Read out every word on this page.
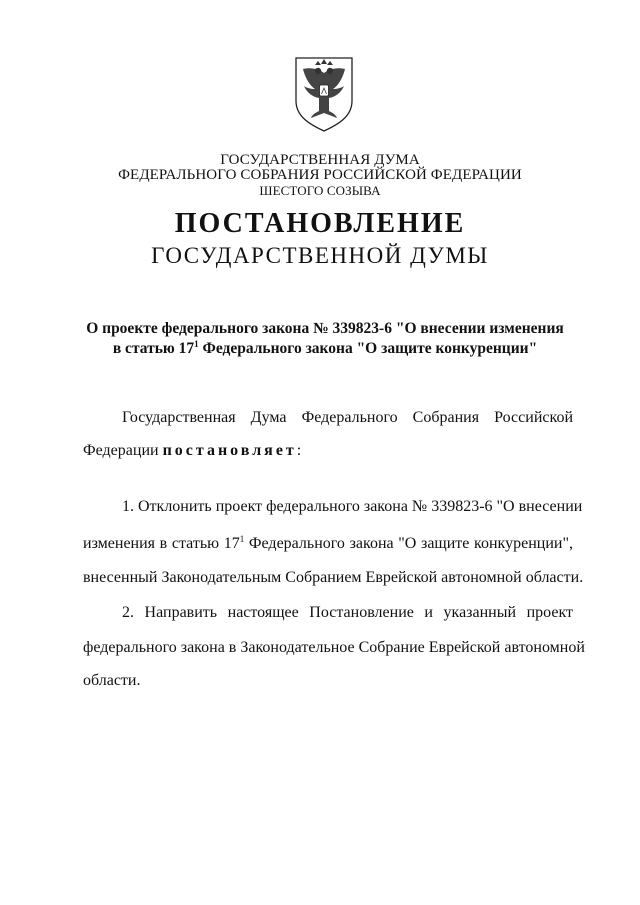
ГОСУДАРСТВЕННАЯ ДУМА
ФЕДЕРАЛЬНОГО СОБРАНИЯ РОССИЙСКОЙ ФЕДЕРАЦИИ
ШЕСТОГО СОЗЫВА
ПОСТАНОВЛЕНИЕ
ГОСУДАРСТВЕННОЙ ДУМЫ
О проекте федерального закона № 339823-6 "О внесении изменения
в статью $17^1$ Федерального закона "О защите конкуренции"
Государственная Дума Федерального Собрания Российской
Федерации постановляет:
1. Отклонить проект федерального закона № 339823-6 "О внесении
изменения в статью $17^1$ Федерального закона "О защите конкуренции",
внесенный Законодательным Собранием Еврейской автономной области.
2. Направить настоящее Постановление и указанный проект
федерального закона в Законодательное Собрание Еврейской автономной
области.
